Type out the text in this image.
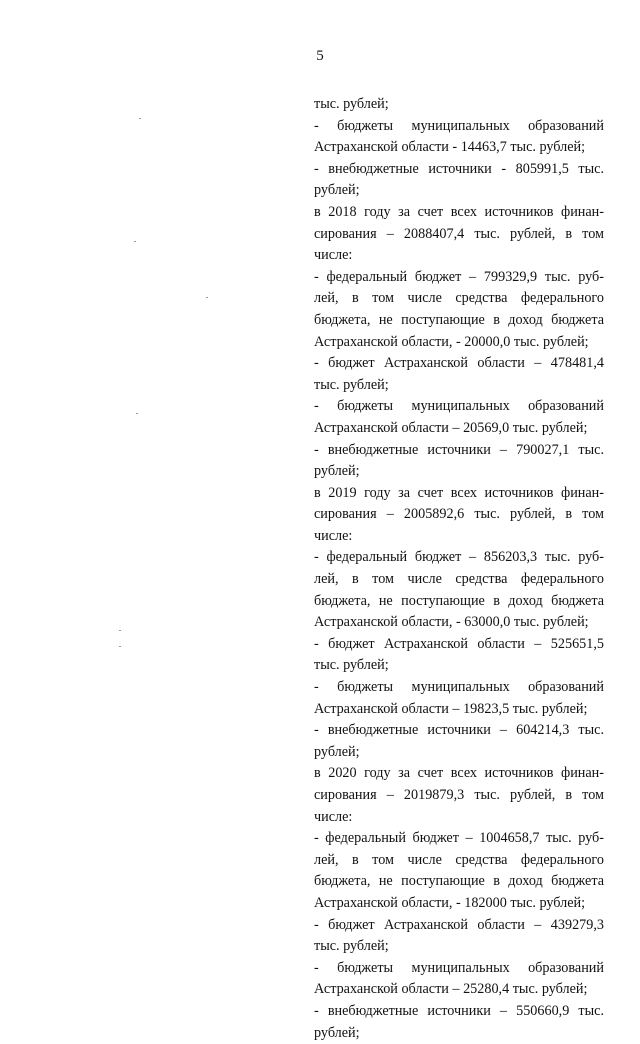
5
тыс. рублей;
- бюджеты муниципальных образований
Астраханской области - 14463,7 тыс. рублей;
- внебюджетные источники - 805991,5 тыс.
рублей;
в 2018 году за счет всех источников финан-
сирования – 2088407,4 тыс. рублей, в том
числе:
- федеральный бюджет – 799329,9 тыс. руб-
лей, в том числе средства федерального
бюджета, не поступающие в доход бюджета
Астраханской области, - 20000,0 тыс. рублей;
- бюджет Астраханской области – 478481,4
тыс. рублей;
- бюджеты муниципальных образований
Астраханской области – 20569,0 тыс. рублей;
- внебюджетные источники – 790027,1 тыс.
рублей;
в 2019 году за счет всех источников финан-
сирования – 2005892,6 тыс. рублей, в том
числе:
- федеральный бюджет – 856203,3 тыс. руб-
лей, в том числе средства федерального
бюджета, не поступающие в доход бюджета
Астраханской области, - 63000,0 тыс. рублей;
- бюджет Астраханской области – 525651,5
тыс. рублей;
- бюджеты муниципальных образований
Астраханской области – 19823,5 тыс. рублей;
- внебюджетные источники – 604214,3 тыс.
рублей;
в 2020 году за счет всех источников финан-
сирования – 2019879,3 тыс. рублей, в том
числе:
- федеральный бюджет – 1004658,7 тыс. руб-
лей, в том числе средства федерального
бюджета, не поступающие в доход бюджета
Астраханской области, - 182000 тыс. рублей;
- бюджет Астраханской области – 439279,3
тыс. рублей;
- бюджеты муниципальных образований
Астраханской области – 25280,4 тыс. рублей;
- внебюджетные источники – 550660,9 тыс.
рублей;
